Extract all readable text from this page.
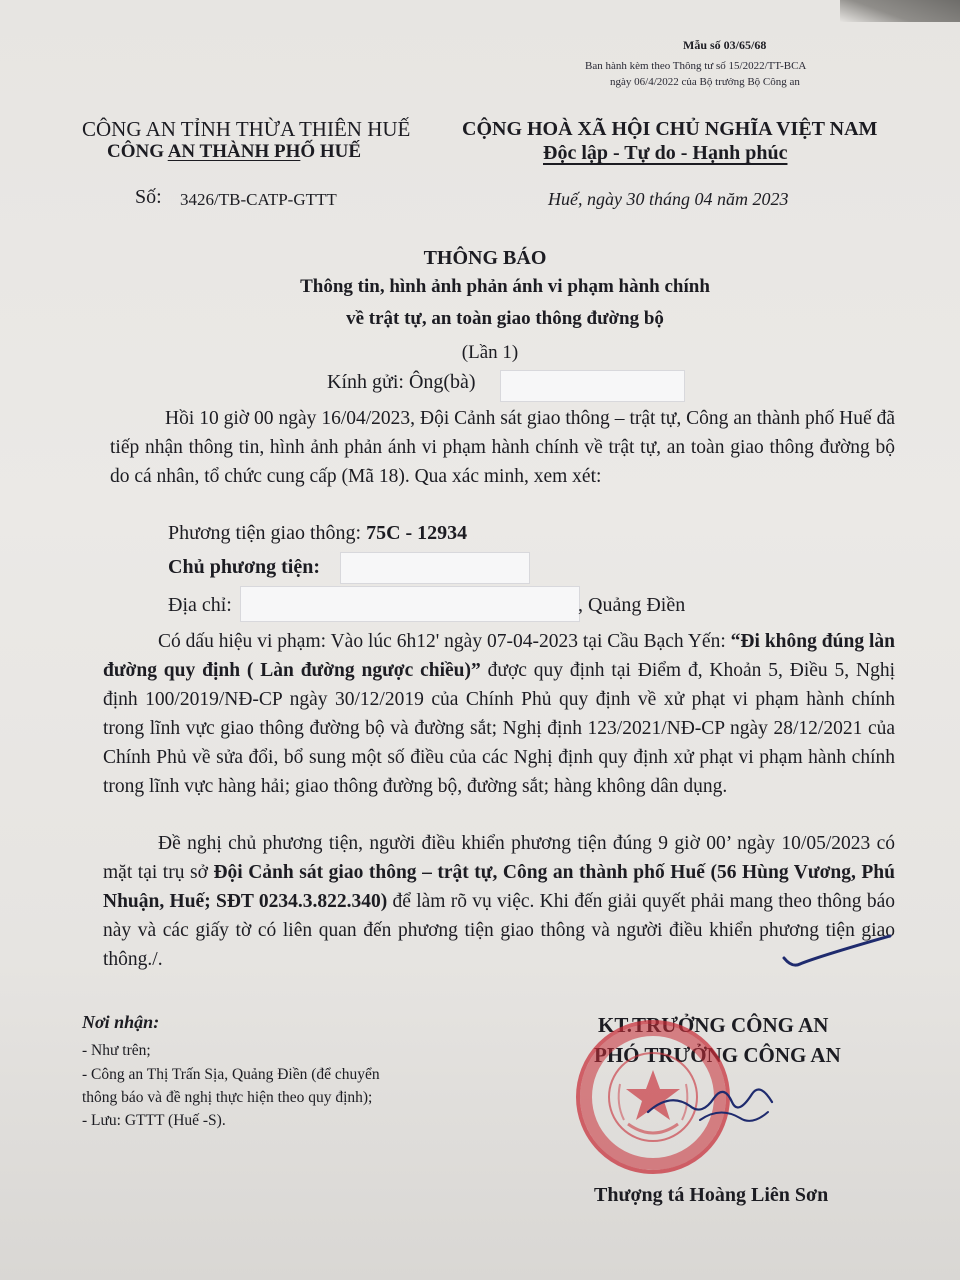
Mẫu số 03/65/68
Ban hành kèm theo Thông tư số 15/2022/TT-BCA
ngày 06/4/2022 của Bộ trưởng Bộ Công an
CÔNG AN TỈNH THỪA THIÊN HUẾ
CÔNG AN THÀNH PHỐ HUẾ
CỘNG HOÀ XÃ HỘI CHỦ NGHĨA VIỆT NAM
Độc lập - Tự do - Hạnh phúc
Số: 3426/TB-CATP-GTTT	Huế, ngày 30 tháng 04 năm 2023
THÔNG BÁO
Thông tin, hình ảnh phản ánh vi phạm hành chính
về trật tự, an toàn giao thông đường bộ
(Lần 1)
Kính gửi: Ông(bà)
Hồi 10 giờ 00 ngày 16/04/2023, Đội Cảnh sát giao thông – trật tự, Công an thành phố Huế đã tiếp nhận thông tin, hình ảnh phản ánh vi phạm hành chính về trật tự, an toàn giao thông đường bộ do cá nhân, tổ chức cung cấp (Mã 18). Qua xác minh, xem xét:
Phương tiện giao thông: 75C - 12934
Chủ phương tiện:
Địa chỉ:	, Quảng Điền
Có dấu hiệu vi phạm: Vào lúc 6h12' ngày 07-04-2023 tại Cầu Bạch Yến: “Đi không đúng làn đường quy định ( Làn đường ngược chiều)” được quy định tại Điểm đ, Khoản 5, Điều 5, Nghị định 100/2019/NĐ-CP ngày 30/12/2019 của Chính Phủ quy định về xử phạt vi phạm hành chính trong lĩnh vực giao thông đường bộ và đường sắt; Nghị định 123/2021/NĐ-CP ngày 28/12/2021 của Chính Phủ về sửa đổi, bổ sung một số điều của các Nghị định quy định xử phạt vi phạm hành chính trong lĩnh vực hàng hải; giao thông đường bộ, đường sắt; hàng không dân dụng.
Đề nghị chủ phương tiện, người điều khiển phương tiện đúng 9 giờ 00’ ngày 10/05/2023 có mặt tại trụ sở Đội Cảnh sát giao thông – trật tự, Công an thành phố Huế (56 Hùng Vương, Phú Nhuận, Huế; SĐT 0234.3.822.340) để làm rõ vụ việc. Khi đến giải quyết phải mang theo thông báo này và các giấy tờ có liên quan đến phương tiện giao thông và người điều khiển phương tiện giao thông./.
Nơi nhận:
- Như trên;
- Công an Thị Trấn Sịa, Quảng Điền (để chuyển
thông báo và đề nghị thực hiện theo quy định);
- Lưu: GTTT (Huế -S).
KT.TRƯỞNG CÔNG AN
PHÓ TRƯỞNG CÔNG AN
Thượng tá Hoàng Liên Sơn
